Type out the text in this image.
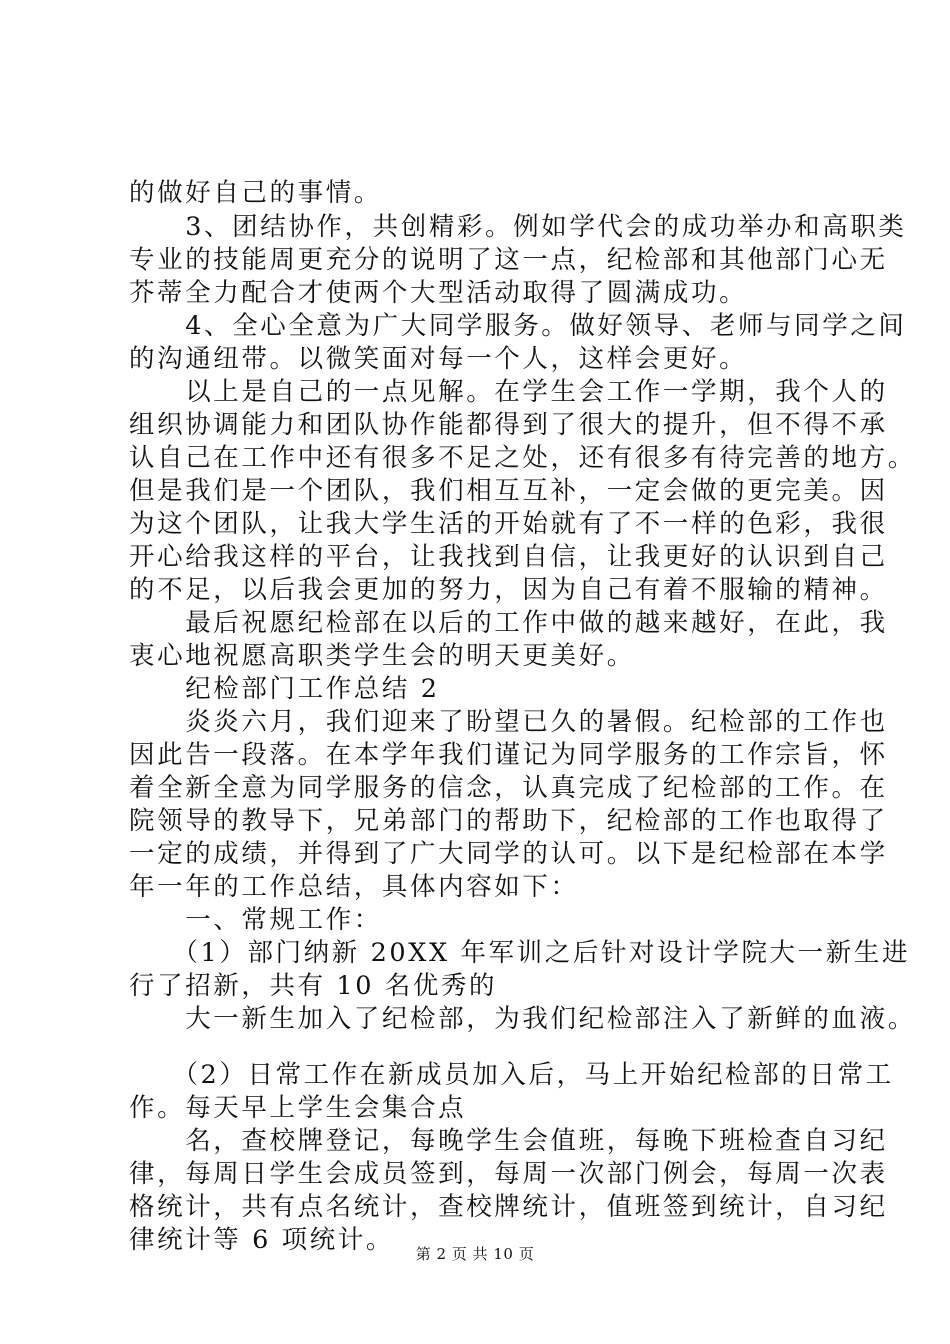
的做好自己的事情。
　　3、团结协作，共创精彩。例如学代会的成功举办和高职类
专业的技能周更充分的说明了这一点，纪检部和其他部门心无
芥蒂全力配合才使两个大型活动取得了圆满成功。
　　4、全心全意为广大同学服务。做好领导、老师与同学之间
的沟通纽带。以微笑面对每一个人，这样会更好。
　　以上是自己的一点见解。在学生会工作一学期，我个人的
组织协调能力和团队协作能都得到了很大的提升，但不得不承
认自己在工作中还有很多不足之处，还有很多有待完善的地方。
但是我们是一个团队，我们相互互补，一定会做的更完美。因
为这个团队，让我大学生活的开始就有了不一样的色彩，我很
开心给我这样的平台，让我找到自信，让我更好的认识到自己
的不足，以后我会更加的努力，因为自己有着不服输的精神。
　　最后祝愿纪检部在以后的工作中做的越来越好，在此，我
衷心地祝愿高职类学生会的明天更美好。
　　纪检部门工作总结 2
　　炎炎六月，我们迎来了盼望已久的暑假。纪检部的工作也
因此告一段落。在本学年我们谨记为同学服务的工作宗旨，怀
着全新全意为同学服务的信念，认真完成了纪检部的工作。在
院领导的教导下，兄弟部门的帮助下，纪检部的工作也取得了
一定的成绩，并得到了广大同学的认可。以下是纪检部在本学
年一年的工作总结，具体内容如下：
　　一、常规工作：
　　（1）部门纳新 20XX 年军训之后针对设计学院大一新生进
行了招新，共有 10 名优秀的
　　大一新生加入了纪检部，为我们纪检部注入了新鲜的血液。
　　（2）日常工作在新成员加入后，马上开始纪检部的日常工
作。每天早上学生会集合点
　　名，查校牌登记，每晚学生会值班，每晚下班检查自习纪
律，每周日学生会成员签到，每周一次部门例会，每周一次表
格统计，共有点名统计，查校牌统计，值班签到统计，自习纪
律统计等 6 项统计。	第 2 页 共 10 页
